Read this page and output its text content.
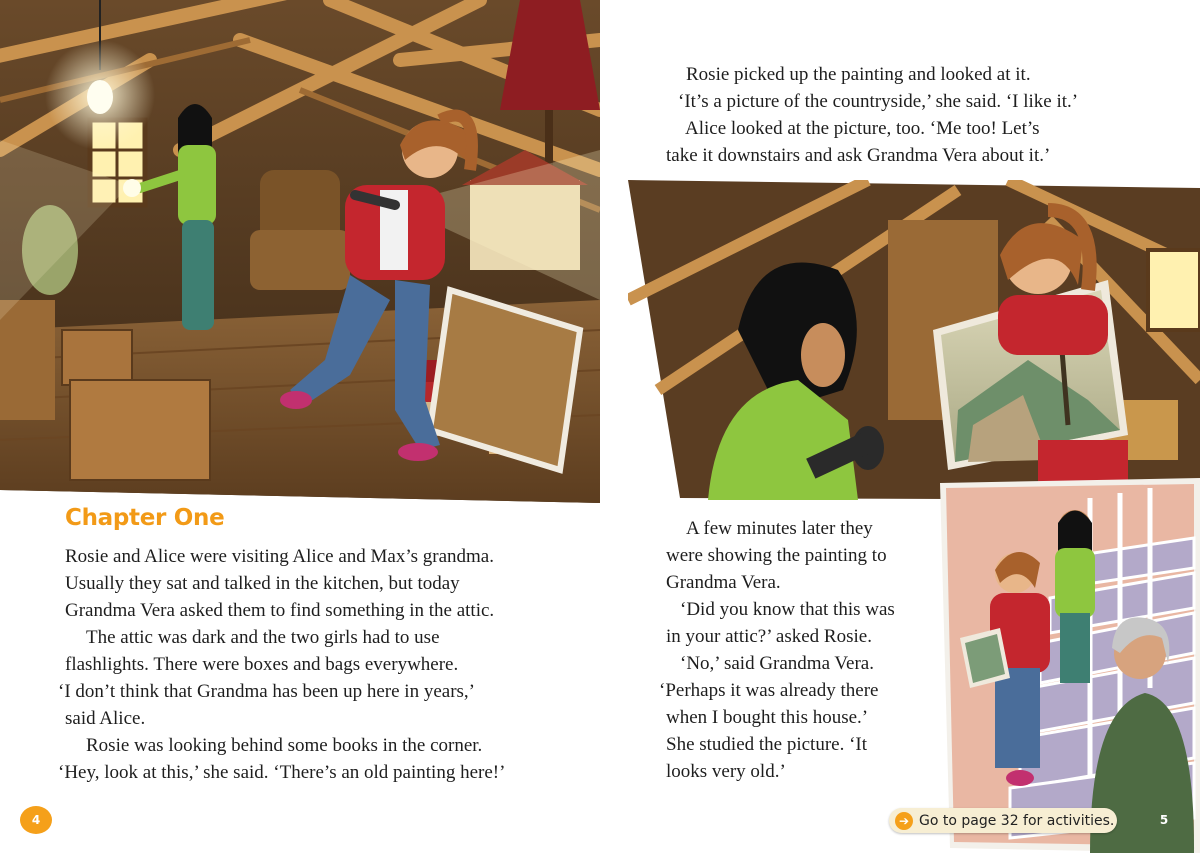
Chapter One

Rosie and Alice were visiting Alice and Max’s grandma.

Usually they sat and talked in the kitchen, but today

Grandma Vera asked them to find something in the attic.

The attic was dark and the two girls had to use

flashlights. There were boxes and bags everywhere.

‘I don’t think that Grandma has been up here in years,’

said Alice.

Rosie was looking behind some books in the corner.

‘Hey, look at this,’ she said. ‘There’s an old painting here!’

4

Rosie picked up the painting and looked at it.

‘It’s a picture of the countryside,’ she said. ‘I like it.’

Alice looked at the picture, too. ‘Me too! Let’s

take it downstairs and ask Grandma Vera about it.’

A few minutes later they

were showing the painting to

Grandma Vera.

‘Did you know that this was

in your attic?’ asked Rosie.

‘No,’ said Grandma Vera.

‘Perhaps it was already there

when I bought this house.’

She studied the picture. ‘It

looks very old.’

➔ Go to page 32 for activities.	5
